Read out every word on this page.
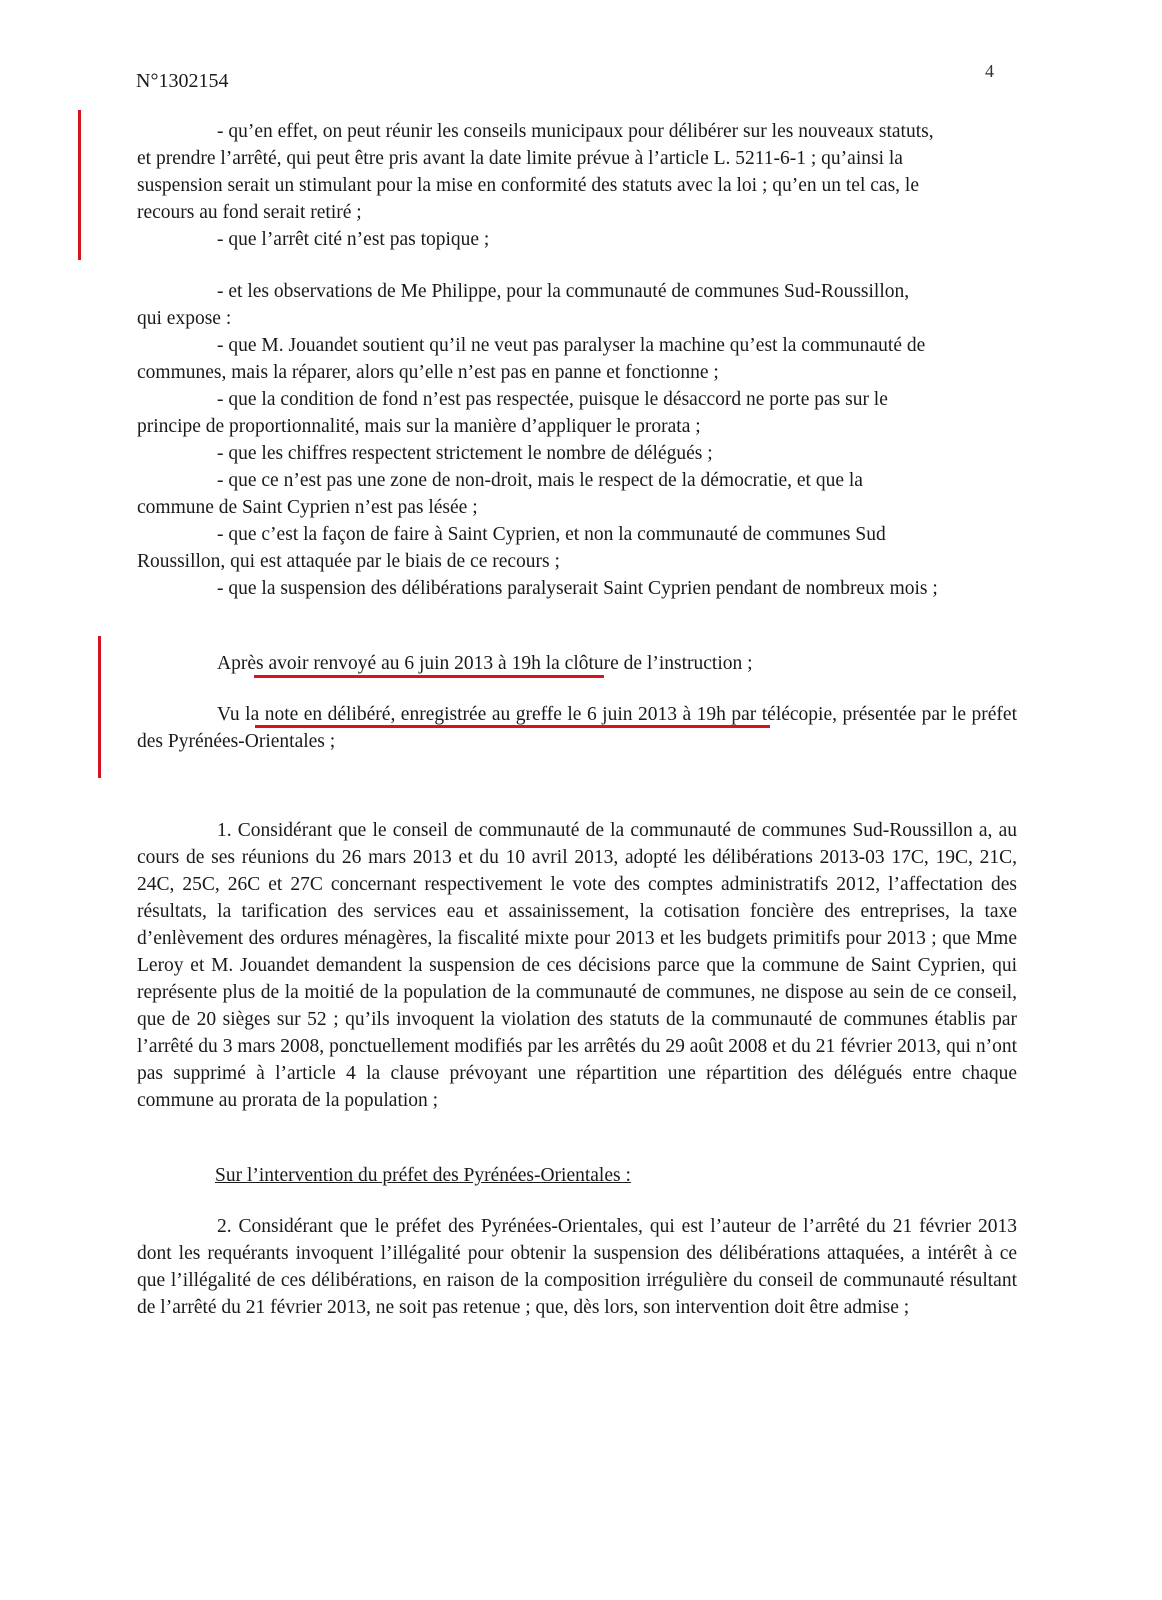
N°1302154	4

- qu’en effet, on peut réunir les conseils municipaux pour délibérer sur les nouveaux statuts,

et prendre l’arrêté, qui peut être pris avant la date limite prévue à l’article L. 5211-6-1 ; qu’ainsi la

suspension serait un stimulant pour la mise en conformité des statuts avec la loi ; qu’en un tel cas, le

recours au fond serait retiré ;

- que l’arrêt cité n’est pas topique ;

- et les observations de Me Philippe, pour la communauté de communes Sud-Roussillon,

qui expose :

- que M. Jouandet soutient qu’il ne veut pas paralyser la machine qu’est la communauté de

communes, mais la réparer, alors qu’elle n’est pas en panne et fonctionne ;

- que la condition de fond n’est pas respectée, puisque le désaccord ne porte pas sur le

principe de proportionnalité, mais sur la manière d’appliquer le prorata ;

- que les chiffres respectent strictement le nombre de délégués ;

- que ce n’est pas une zone de non-droit, mais le respect de la démocratie, et que la

commune de Saint Cyprien n’est pas lésée ;

- que c’est la façon de faire à Saint Cyprien, et non la communauté de communes Sud

Roussillon, qui est attaquée par le biais de ce recours ;

- que la suspension des délibérations paralyserait Saint Cyprien pendant de nombreux mois ;

Après avoir renvoyé au 6 juin 2013 à 19h la clôture de l’instruction ;

Vu la note en délibéré, enregistrée au greffe le 6 juin 2013 à 19h par télécopie, présentée par le préfet des Pyrénées-Orientales ;

1. Considérant que le conseil de communauté de la communauté de communes Sud-Roussillon a, au cours de ses réunions du 26 mars 2013 et du 10 avril 2013, adopté les délibérations 2013-03 17C, 19C, 21C, 24C, 25C, 26C et 27C concernant respectivement le vote des comptes administratifs 2012, l’affectation des résultats, la tarification des services eau et assainissement, la cotisation foncière des entreprises, la taxe d’enlèvement des ordures ménagères, la fiscalité mixte pour 2013 et les budgets primitifs pour 2013 ; que Mme Leroy et M. Jouandet demandent la suspension de ces décisions parce que la commune de Saint Cyprien, qui représente plus de la moitié de la population de la communauté de communes, ne dispose au sein de ce conseil, que de 20 sièges sur 52 ; qu’ils invoquent la violation des statuts de la communauté de communes établis par l’arrêté du 3 mars 2008, ponctuellement modifiés par les arrêtés du 29 août 2008 et du 21 février 2013, qui n’ont pas supprimé à l’article 4 la clause prévoyant une répartition une répartition des délégués entre chaque commune au prorata de la population ;

Sur l’intervention du préfet des Pyrénées-Orientales :

2. Considérant que le préfet des Pyrénées-Orientales, qui est l’auteur de l’arrêté du 21 février 2013 dont les requérants invoquent l’illégalité pour obtenir la suspension des délibérations attaquées, a intérêt à ce que l’illégalité de ces délibérations, en raison de la composition irrégulière du conseil de communauté résultant de l’arrêté du 21 février 2013, ne soit pas retenue ; que, dès lors, son intervention doit être admise ;
